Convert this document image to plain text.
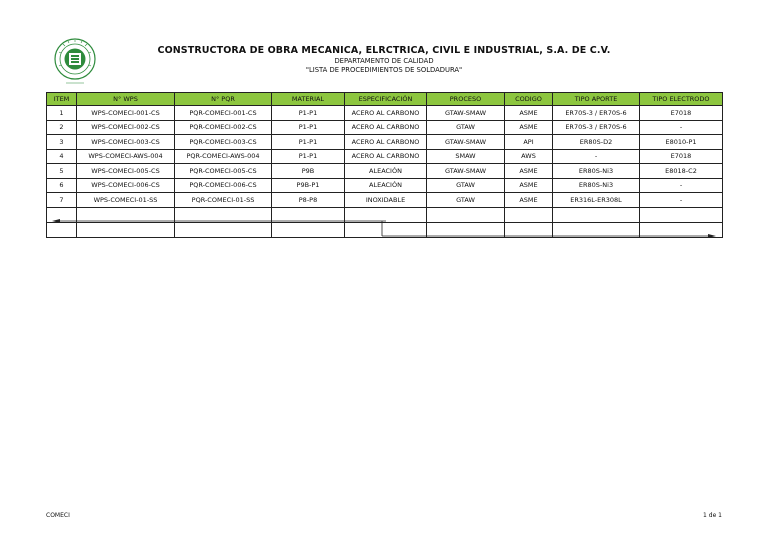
CONSTRUCTORA DE OBRA MECANICA, ELRCTRICA, CIVIL E INDUSTRIAL, S.A. DE C.V.
DEPARTAMENTO DE CALIDAD
"LISTA DE PROCEDIMIENTOS DE SOLDADURA"
ITEM	N° WPS	N° PQR	MATERIAL	ESPECIFICACIÓN	PROCESO	CODIGO	TIPO APORTE	TIPO ELECTRODO
1	WPS-COMECI-001-CS	PQR-COMECI-001-CS	P1-P1	ACERO AL CARBONO	GTAW-SMAW	ASME	ER70S-3 / ER70S-6	E7018
2	WPS-COMECI-002-CS	PQR-COMECI-002-CS	P1-P1	ACERO AL CARBONO	GTAW	ASME	ER70S-3 / ER70S-6	-
3	WPS-COMECI-003-CS	PQR-COMECI-003-CS	P1-P1	ACERO AL CARBONO	GTAW-SMAW	API	ER80S-D2	E8010-P1
4	WPS-COMECI-AWS-004	PQR-COMECI-AWS-004	P1-P1	ACERO AL CARBONO	SMAW	AWS	-	E7018
5	WPS-COMECI-005-CS	PQR-COMECI-005-CS	P9B	ALEACIÓN	GTAW-SMAW	ASME	ER80S-Ni3	E8018-C2
6	WPS-COMECI-006-CS	PQR-COMECI-006-CS	P9B-P1	ALEACIÓN	GTAW	ASME	ER80S-Ni3	-
7	WPS-COMECI-01-SS	PQR-COMECI-01-SS	P8-P8	INOXIDABLE	GTAW	ASME	ER316L-ER308L	-

COMECI	1 de 1
